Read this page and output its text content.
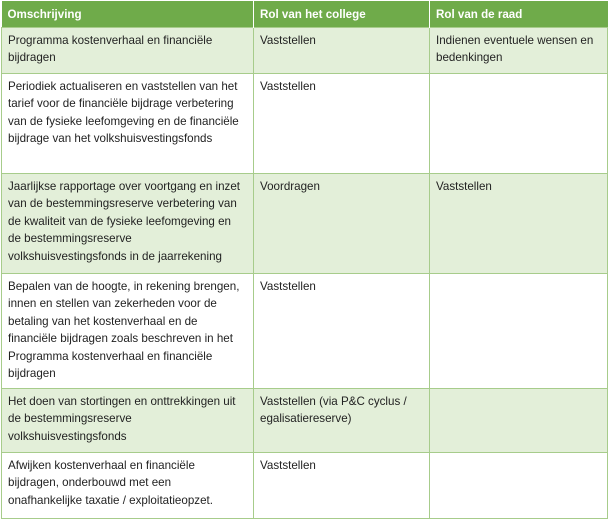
Omschrijving	Rol van het college	Rol van de raad
Programma kostenverhaal en financiële bijdragen	Vaststellen	Indienen eventuele wensen en bedenkingen
Periodiek actualiseren en vaststellen van het tarief voor de financiële bijdrage verbetering van de fysieke leefomgeving en de financiële bijdrage van het volkshuisvestingsfonds	Vaststellen	
Jaarlijkse rapportage over voortgang en inzet van de bestemmingsreserve verbetering van de kwaliteit van de fysieke leefomgeving en de bestemmingsreserve volkshuisvestingsfonds in de jaarrekening	Voordragen	Vaststellen
Bepalen van de hoogte, in rekening brengen, innen en stellen van zekerheden voor de betaling van het kostenverhaal en de financiële bijdragen zoals beschreven in het Programma kostenverhaal en financiële bijdragen	Vaststellen	
Het doen van stortingen en onttrekkingen uit de bestemmingsreserve volkshuisvestingsfonds	Vaststellen (via P&C cyclus / egalisatiereserve)	
Afwijken kostenverhaal en financiële bijdragen, onderbouwd met een onafhankelijke taxatie / exploitatieopzet.	Vaststellen	
